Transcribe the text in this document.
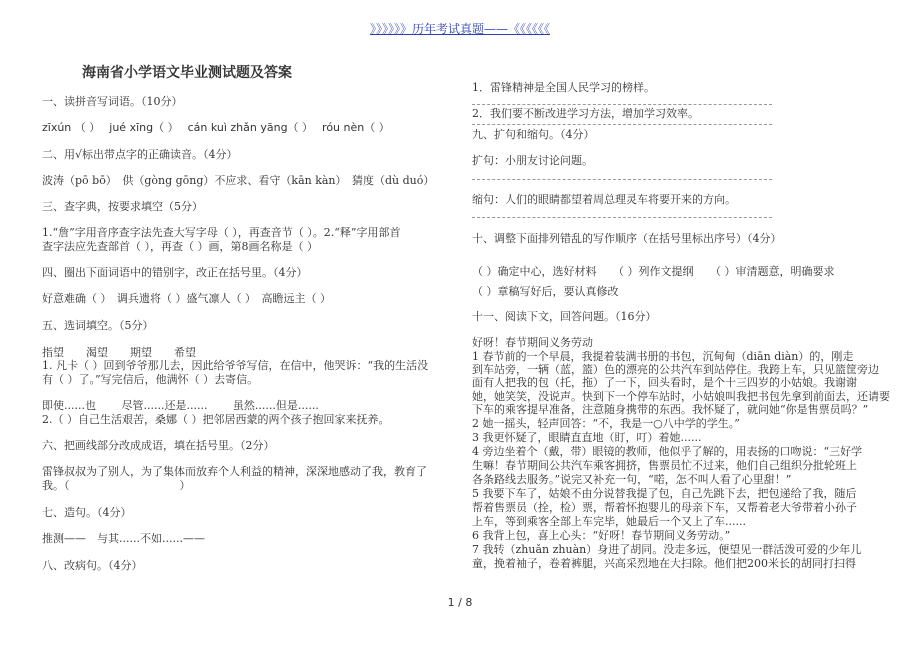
》》》》》》历年考试真题——《《《《《《
海南省小学语文毕业测试题及答案
一、读拼音写词语。（10分）
zīxún （ ）　 jué xīng（ ）　 cán kuì zhǎn yāng（ ）　 róu nèn（ ）
二、用√标出带点字的正确读音。（4分）
波涛（pō bō）　供（gòng gōng）不应求、看守（kān kàn）　猜度（dù duó）
三、查字典，按要求填空（5分）
1.“詹”字用音序查字法先查大写字母（ ），再查音节（ ）。2.“释”字用部首
查字法应先查部首（ ），再查（ ）画，第8画名称是（ ）
四、圈出下面词语中的错别字，改正在括号里。（4分）
好意难确（ ）　调兵遗将（ ）盛气凛人（ ）　高瞻远主（ ）
五、选词填空。（5分）
指望　　渴望　　期望　　希望
1. 凡卡（ ）回到爷爷那儿去，因此给爷爷写信，在信中，他哭诉：“我的生活没
有（ ）了。”写完信后，他满怀（ ）去寄信。
即使......也　　 尽管......还是......　　 虽然......但是......
2.（ ）自己生活艰苦，桑娜（ ）把邻居西蒙的两个孩子抱回家来抚养。
六、把画线部分改成成语，填在括号里。（2分）
雷锋叔叔为了别人，为了集体而放弃个人利益的精神，深深地感动了我，教育了
我。（　　　　　　　　　　）
七、造句。（4分）
推测——　与其......不如......——
八、改病句。（4分）
1．雷锋精神是全国人民学习的榜样。
2．我们要不断改进学习方法，增加学习效率。
九、扩句和缩句。（4分）
扩句：小朋友讨论问题。
缩句：人们的眼睛都望着周总理灵车将要开来的方向。
十、调整下面排列错乱的写作顺序（在括号里标出序号）（4分）
（ ）确定中心，选好材料　　（ ）列作文提纲　　（ ）审清题意，明确要求
（ ）章稿写好后，要认真修改
十一、阅读下文，回答问题。（16分）
好呀！春节期间义务劳动
1 春节前的一个早晨，我提着装满书册的书包，沉甸甸（diān diàn）的，刚走
到车站旁，一辆（蓝，篮）色的漂亮的公共汽车到站停住。我跨上车，只见篮筐旁边
面有人把我的包（托，拖）了一下，回头看时，是个十三四岁的小姑娘。我谢谢
她，她笑笑，没说声。快到下一个停车站时，小姑娘叫我把书包先拿到前面去，还请要
下车的乘客提早准备，注意随身携带的东西。我怀疑了，就问她“你是售票员吗？”
2 她一摇头，轻声回答：“不，我是一○八中学的学生。”
3 我更怀疑了，眼睛直直地（盯，叮）着她......
4 旁边坐着个（戴，带）眼镜的教师，他似乎了解的，用表扬的口吻说：“三好学
生嘛！春节期间公共汽车乘客拥挤，售票员忙不过来，他们自己组织分批轮班上
各条路线去服务。”说完又补充一句，“喏，怎不叫人看了心里甜！”
5 我要下车了，姑娘不由分说替我提了包，自己先跳下去，把包递给了我，随后
帮着售票员（拴，检）票，帮着怀抱婴儿的母亲下车，又帮着老大爷带着小孙子
上车，等到乘客全部上车完毕，她最后一个又上了车......
6 我背上包，喜上心头：“好呀！春节期间义务劳动。”
7 我转（zhuǎn zhuàn）身进了胡同。没走多远，便望见一群活泼可爱的少年儿
童，挽着袖子，卷着裤腿，兴高采烈地在大扫除。他们把200米长的胡同打扫得
1 / 8
